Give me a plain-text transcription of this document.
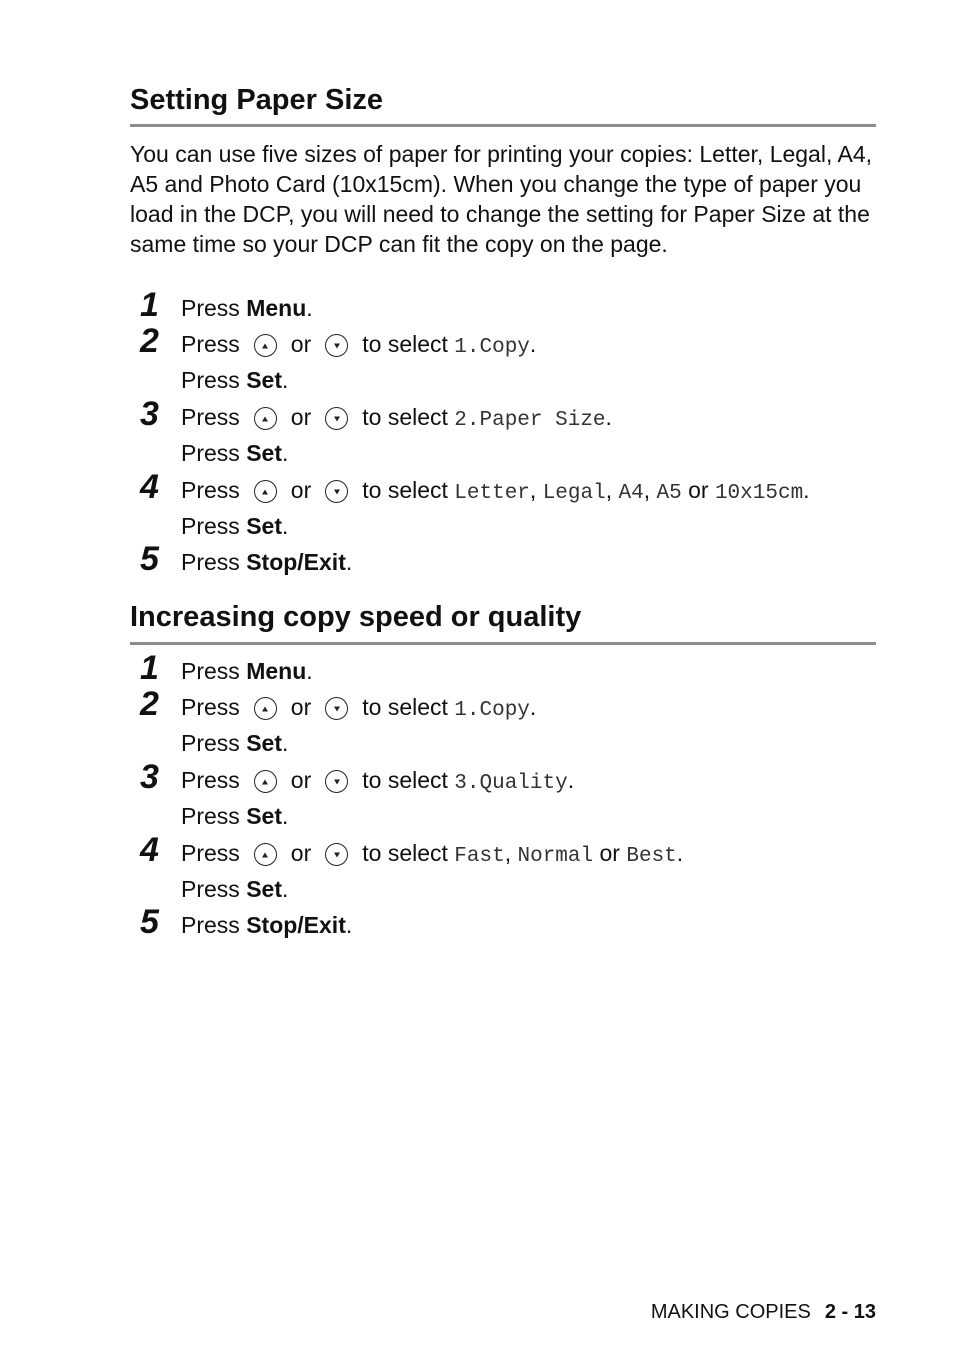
Setting Paper Size

You can use five sizes of paper for printing your copies: Letter, Legal, A4, A5 and Photo Card (10x15cm). When you change the type of paper you load in the DCP, you will need to change the setting for Paper Size at the same time so your DCP can fit the copy on the page.

1 Press Menu.
2 Press or to select 1.Copy.
Press Set.
3 Press or to select 2.Paper Size.
Press Set.
4 Press or to select Letter, Legal, A4, A5 or 10x15cm.
Press Set.
5 Press Stop/Exit.
Increasing copy speed or quality
1 Press Menu.
2 Press or to select 1.Copy.
Press Set.
3 Press or to select 3.Quality.
Press Set.
4 Press or to select Fast, Normal or Best.
Press Set.
5 Press Stop/Exit.
MAKING COPIES 2 - 13
